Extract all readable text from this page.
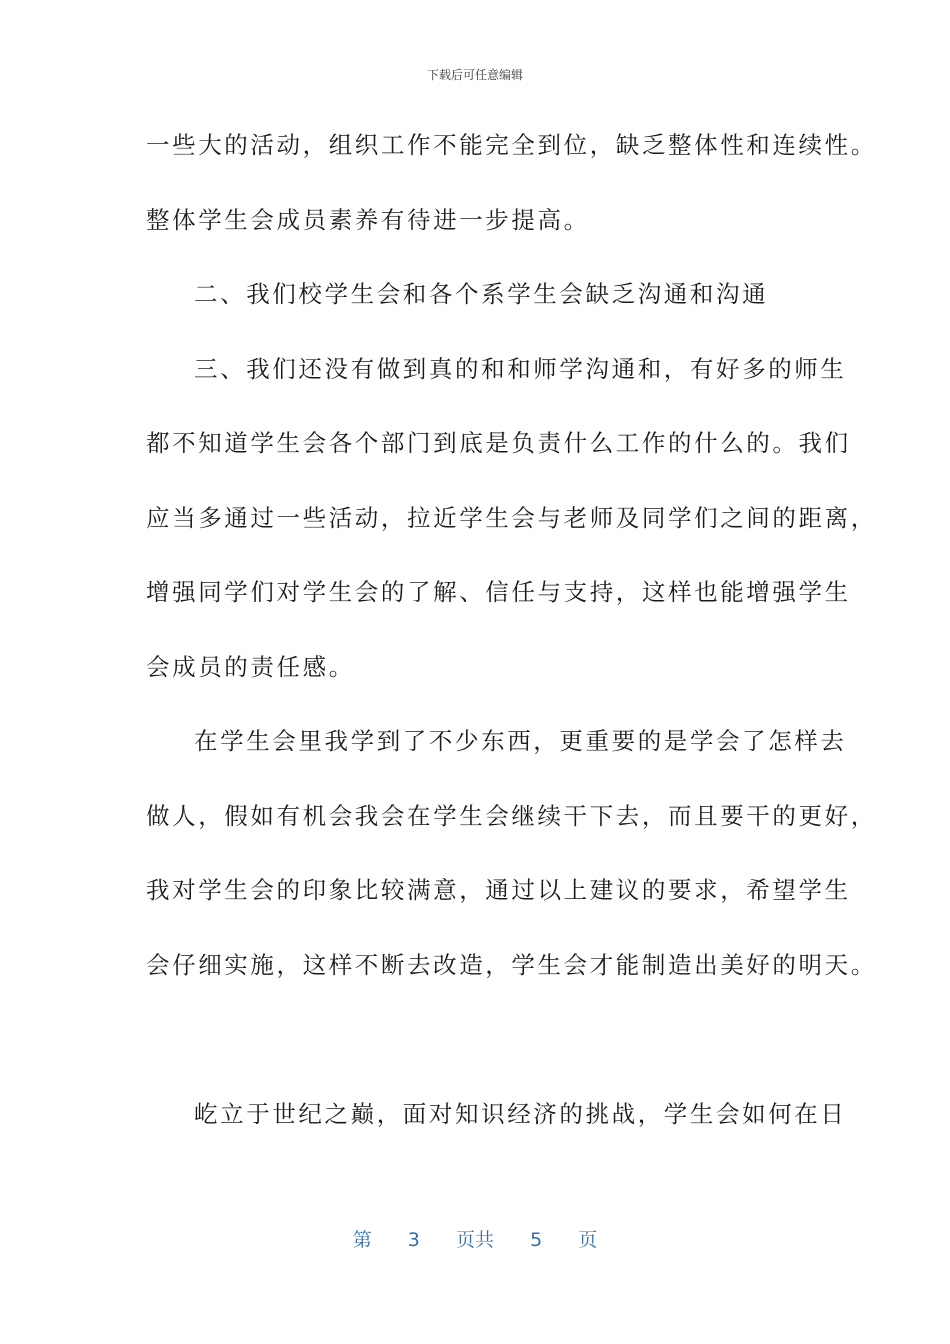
下载后可任意编辑
一些大的活动，组织工作不能完全到位，缺乏整体性和连续性。
整体学生会成员素养有待进一步提高。
二、我们校学生会和各个系学生会缺乏沟通和沟通
三、我们还没有做到真的和和师学沟通和，有好多的师生
都不知道学生会各个部门到底是负责什么工作的什么的。我们
应当多通过一些活动，拉近学生会与老师及同学们之间的距离，
增强同学们对学生会的了解、信任与支持，这样也能增强学生
会成员的责任感。
在学生会里我学到了不少东西，更重要的是学会了怎样去
做人，假如有机会我会在学生会继续干下去，而且要干的更好，
我对学生会的印象比较满意，通过以上建议的要求，希望学生
会仔细实施，这样不断去改造，学生会才能制造出美好的明天。
屹立于世纪之巅，面对知识经济的挑战，学生会如何在日
第 3 页共 5 页
